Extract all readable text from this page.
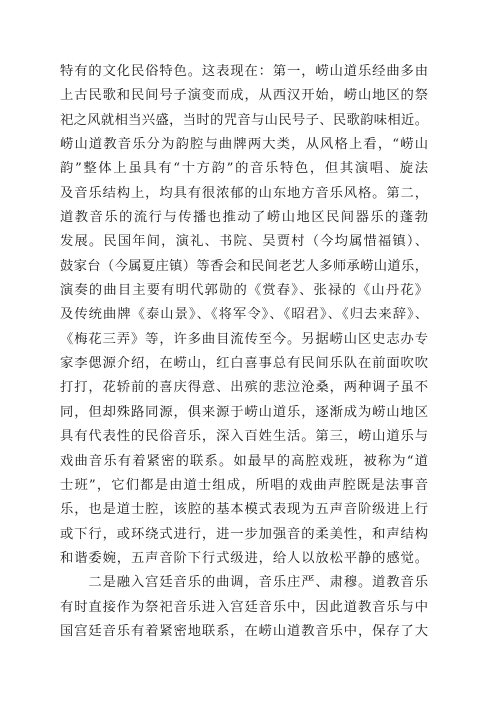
特有的文化民俗特色。这表现在：第一，崂山道乐经曲多由
上古民歌和民间号子演变而成，从西汉开始，崂山地区的祭
祀之风就相当兴盛，当时的咒音与山民号子、民歌韵味相近。
崂山道教音乐分为韵腔与曲牌两大类，从风格上看，“崂山
韵”整体上虽具有“十方韵”的音乐特色，但其演唱、旋法
及音乐结构上，均具有很浓郁的山东地方音乐风格。第二，
道教音乐的流行与传播也推动了崂山地区民间器乐的蓬勃
发展。民国年间，演礼、书院、吴贾村（今均属惜福镇）、
鼓家台（今属夏庄镇）等香会和民间老艺人多师承崂山道乐，
演奏的曲目主要有明代郭勋的《赏春》、张禄的《山丹花》
及传统曲牌《泰山景》、《将军令》、《昭君》、《归去来辞》、
《梅花三弄》等，许多曲目流传至今。另据崂山区史志办专
家李偲源介绍，在崂山，红白喜事总有民间乐队在前面吹吹
打打，花轿前的喜庆得意、出殡的悲泣沧桑，两种调子虽不
同，但却殊路同源，俱来源于崂山道乐，逐渐成为崂山地区
具有代表性的民俗音乐，深入百姓生活。第三，崂山道乐与
戏曲音乐有着紧密的联系。如最早的高腔戏班，被称为“道
士班”，它们都是由道士组成，所唱的戏曲声腔既是法事音
乐，也是道士腔，该腔的基本模式表现为五声音阶级进上行
或下行，或环绕式进行，进一步加强音的柔美性，和声结构
和谐委婉，五声音阶下行式级进，给人以放松平静的感觉。
　　二是融入宫廷音乐的曲调，音乐庄严、肃穆。道教音乐
有时直接作为祭祀音乐进入宫廷音乐中，因此道教音乐与中
国宫廷音乐有着紧密地联系，在崂山道教音乐中，保存了大
